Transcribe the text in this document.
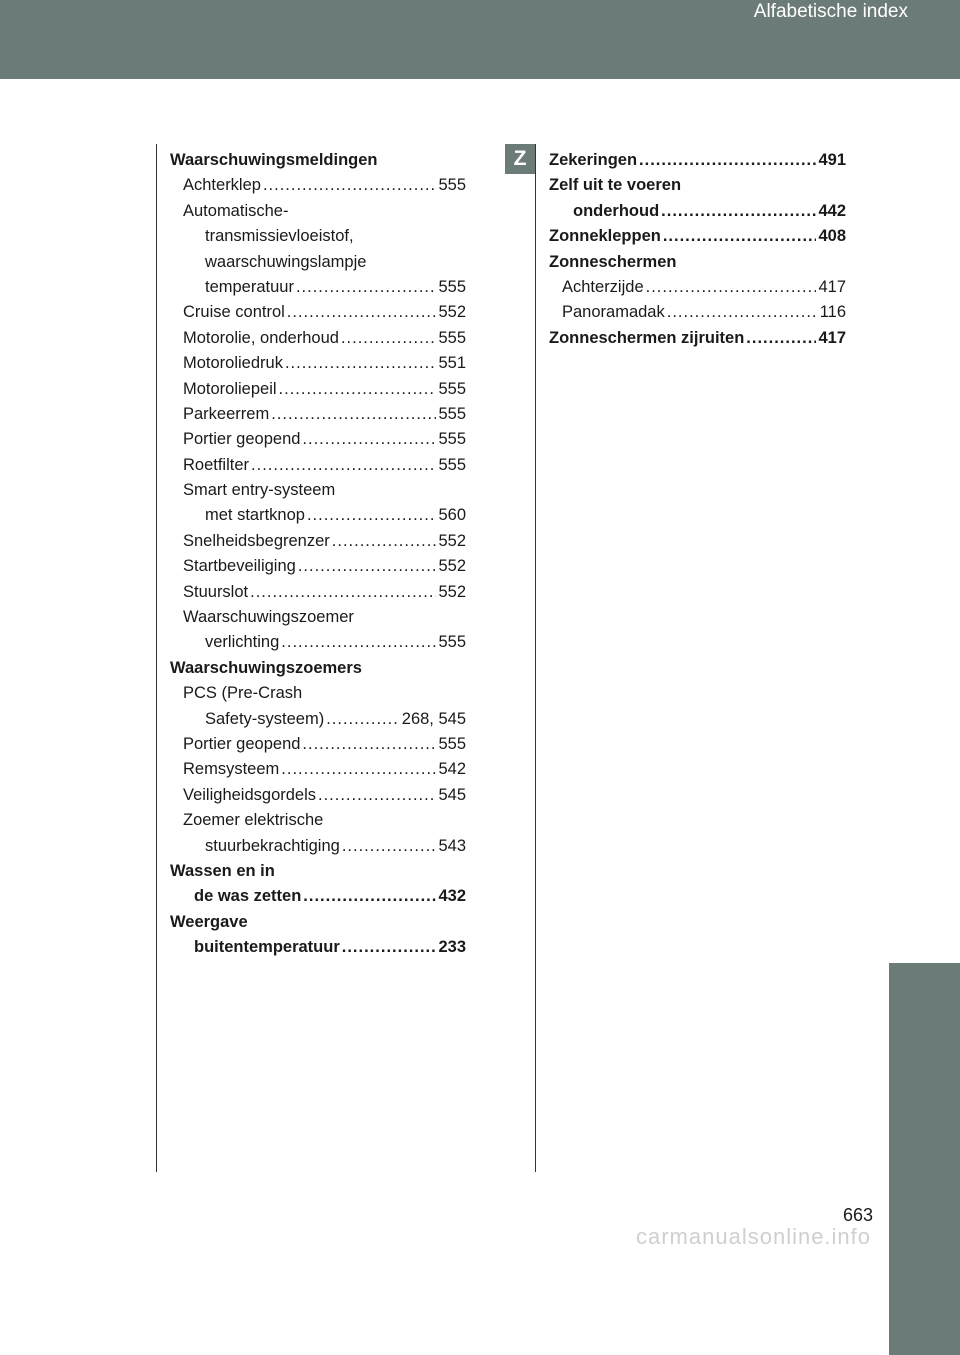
Alfabetische index
Z
Waarschuwingsmeldingen
Achterklep .....	555
Automatische-
transmissievloeistof,
waarschuwingslampje
temperatuur .....	555
Cruise control .....	552
Motorolie, onderhoud .....	555
Motoroliedruk .....	551
Motoroliepeil .....	555
Parkeerrem .....	555
Portier geopend .....	555
Roetfilter .....	555
Smart entry-systeem
met startknop .....	560
Snelheidsbegrenzer .....	552
Startbeveiliging .....	552
Stuurslot .....	552
Waarschuwingszoemer
verlichting .....	555
Waarschuwingszoemers
PCS (Pre-Crash
Safety-systeem) .....	268, 545
Portier geopend .....	555
Remsysteem .....	542
Veiligheidsgordels .....	545
Zoemer elektrische
stuurbekrachtiging .....	543
Wassen en in
de was zetten .....	432
Weergave
buitentemperatuur .....	233
Zekeringen .....	491
Zelf uit te voeren
onderhoud .....	442
Zonnekleppen .....	408
Zonneschermen
Achterzijde .....	417
Panoramadak .....	116
Zonneschermen zijruiten .....	417
663
carmanualsonline.info
